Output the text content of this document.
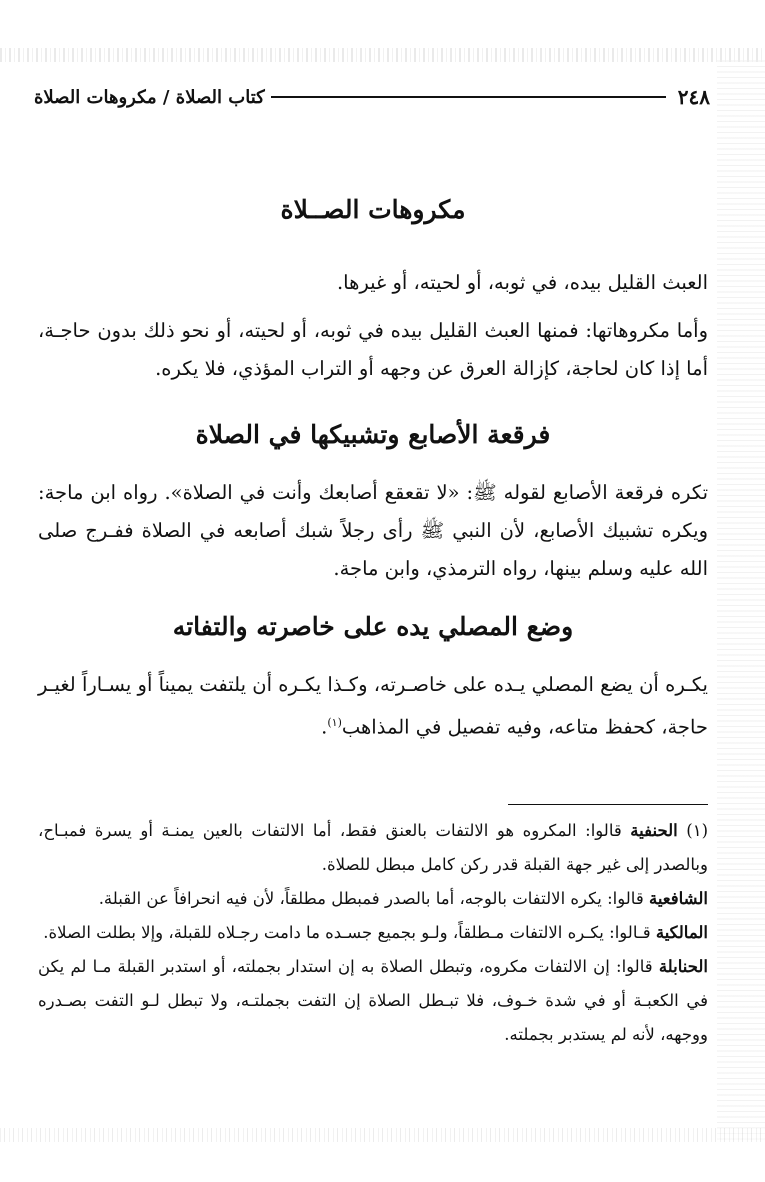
٢٤٨
كتاب الصلاة / مكروهات الصلاة
مكروهات الصــلاة

العبث القليل بيده، في ثوبه، أو لحيته، أو غيرها.

وأما مكروهاتها: فمنها العبث القليل بيده في ثوبه، أو لحيته، أو نحو ذلك بدون حاجـة، أما إذا كان لحاجة، كإزالة العرق عن وجهه أو التراب المؤذي، فلا يكره.

فرقعة الأصابع وتشبيكها في الصلاة

تكره فرقعة الأصابع لقوله ﷺ: «لا تقعقع أصابعك وأنت في الصلاة». رواه ابن ماجة: ويكره تشبيك الأصابع، لأن النبي ﷺ رأى رجلاً شبك أصابعه في الصلاة ففـرج صلى الله عليه وسلم بينها، رواه الترمذي، وابن ماجة.

وضع المصلي يده على خاصرته والتفاته

يكـره أن يضع المصلي يـده على خاصـرته، وكـذا يكـره أن يلتفت يميناً أو يسـاراً لغيـر حاجة، كحفظ متاعه، وفيه تفصيل في المذاهب$^{(١)}$.

(١) الحنفية قالوا: المكروه هو الالتفات بالعنق فقط، أما الالتفات بالعين يمنـة أو يسرة فمبـاح، وبالصدر إلى غير جهة القبلة قدر ركن كامل مبطل للصلاة.

الشافعية قالوا: يكره الالتفات بالوجه، أما بالصدر فمبطل مطلقاً، لأن فيه انحرافاً عن القبلة.

المالكية قـالوا: يكـره الالتفات مـطلقاً، ولـو بجميع جسـده ما دامت رجـلاه للقبلة، وإلا بطلت الصلاة.

الحنابلة قالوا: إن الالتفات مكروه، وتبطل الصلاة به إن استدار بجملته، أو استدبر القبلة مـا لم يكن في الكعبـة أو في شدة خـوف، فلا تبـطل الصلاة إن التفت بجملتـه، ولا تبطل لـو التفت بصـدره ووجهه، لأنه لم يستدبر بجملته.
